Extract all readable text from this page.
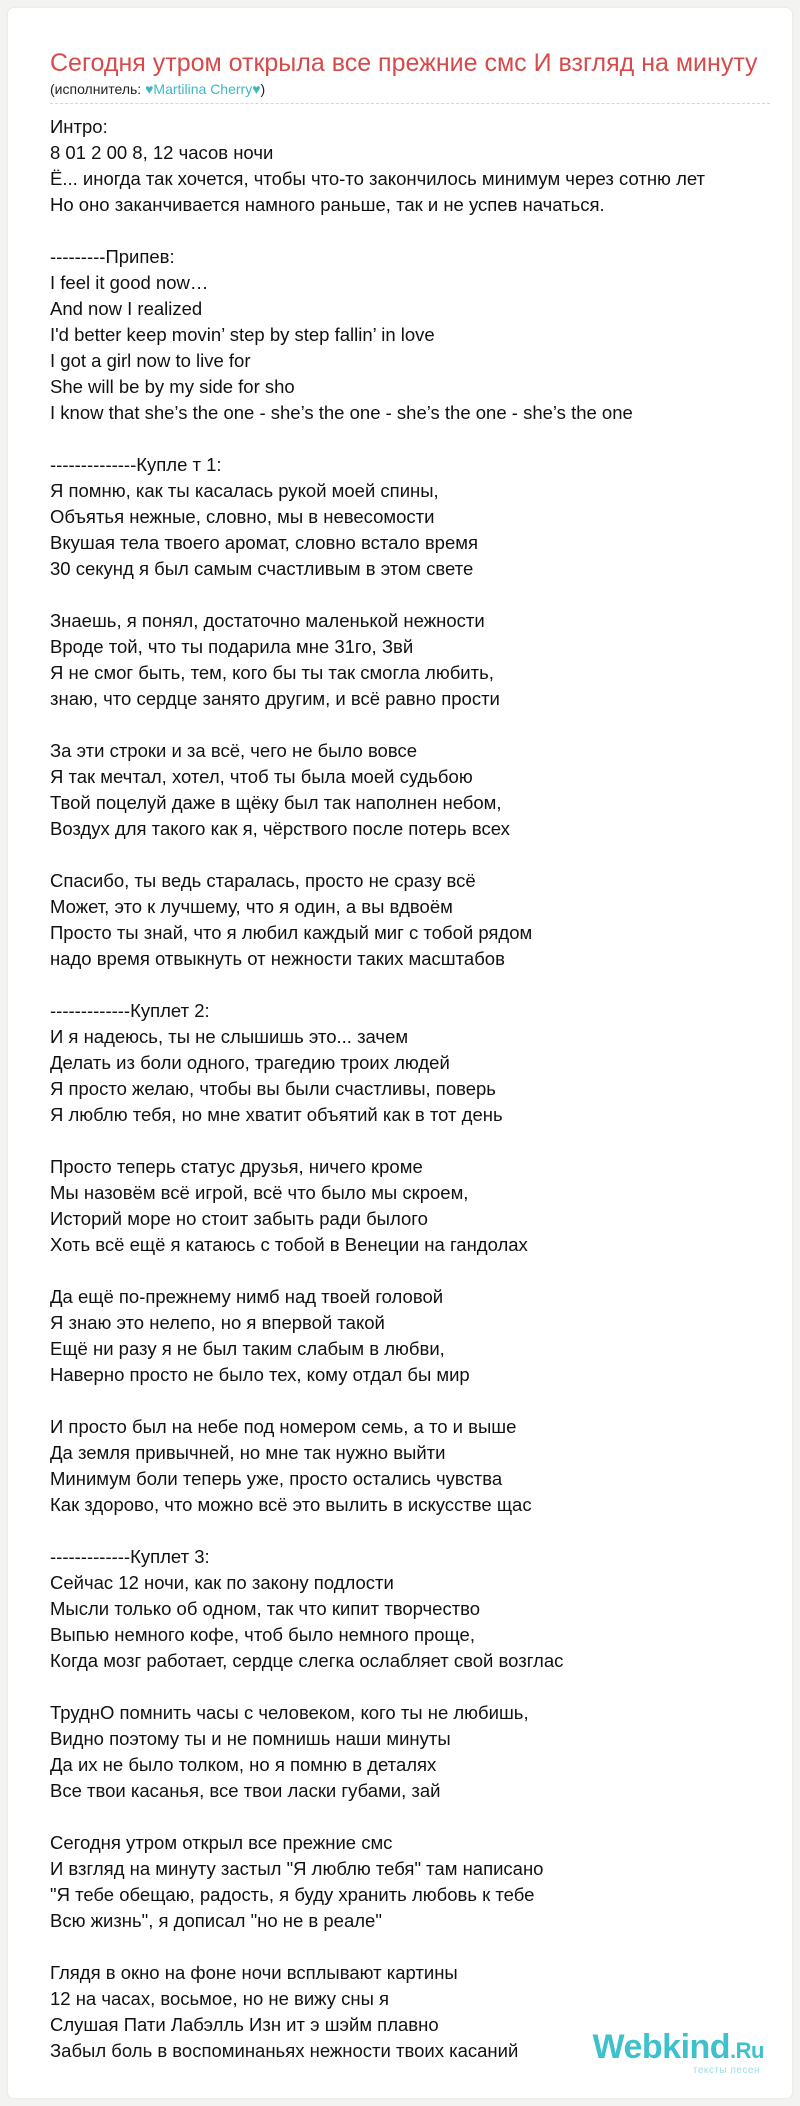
Сегодня утром открыла все прежние смс И взгляд на минуту
(исполнитель: ♥Martilina Cherry♥)
Интро:
8 01 2 00 8, 12 часов ночи
Ё... иногда так хочется, чтобы что-то закончилось минимум через сотню лет
Но оно заканчивается намного раньше, так и не успев начаться.
---------Припев:
I feel it good now…
And now I realized
I'd better keep movin’ step by step fallin’ in love
I got a girl now to live for
She will be by my side for sho
I know that she’s the one - she’s the one - she’s the one - she’s the one
--------------Купле т 1:
Я помню, как ты касалась рукой моей спины,
Объятья нежные, словно, мы в невесомости
Вкушая тела твоего аромат, словно встало время
30 секунд я был самым счастливым в этом свете
Знаешь, я понял, достаточно маленькой нежности
Вроде той, что ты подарила мне 31го, Звй
Я не смог быть, тем, кого бы ты так смогла любить,
знаю, что сердце занято другим, и всё равно прости
За эти строки и за всё, чего не было вовсе
Я так мечтал, хотел, чтоб ты была моей судьбою
Твой поцелуй даже в щёку был так наполнен небом,
Воздух для такого как я, чёрствого после потерь всех
Спасибо, ты ведь старалась, просто не сразу всё
Может, это к лучшему, что я один, а вы вдвоём
Просто ты знай, что я любил каждый миг с тобой рядом
надо время отвыкнуть от нежности таких масштабов
-------------Куплет 2:
И я надеюсь, ты не слышишь это... зачем
Делать из боли одного, трагедию троих людей
Я просто желаю, чтобы вы были счастливы, поверь
Я люблю тебя, но мне хватит объятий как в тот день
Просто теперь статус друзья, ничего кроме
Мы назовём всё игрой, всё что было мы скроем,
Историй море но стоит забыть ради былого
Хоть всё ещё я катаюсь с тобой в Венеции на гандолах
Да ещё по-прежнему нимб над твоей головой
Я знаю это нелепо, но я впервой такой
Ещё ни разу я не был таким слабым в любви,
Наверно просто не было тех, кому отдал бы мир
И просто был на небе под номером семь, а то и выше
Да земля привычней, но мне так нужно выйти
Минимум боли теперь уже, просто остались чувства
Как здорово, что можно всё это вылить в искусстве щас
-------------Куплет 3:
Сейчас 12 ночи, как по закону подлости
Мысли только об одном, так что кипит творчество
Выпью немного кофе, чтоб было немного проще,
Когда мозг работает, сердце слегка ослабляет свой возглас
ТруднО помнить часы с человеком, кого ты не любишь,
Видно поэтому ты и не помнишь наши минуты
Да их не было толком, но я помню в деталях
Все твои касанья, все твои ласки губами, зай
Сегодня утром открыл все прежние смс
И взгляд на минуту застыл "Я люблю тебя" там написано
"Я тебе обещаю, радость, я буду хранить любовь к тебе
Всю жизнь", я дописал "но не в реале"
Глядя в окно на фоне ночи всплывают картины
12 на часах, восьмое, но не вижу сны я
Слушая Пати Лабэлль Изн ит э шэйм плавно
Забыл боль в воспоминаньях нежности твоих касаний	Webkind.Ru
тексты песен
